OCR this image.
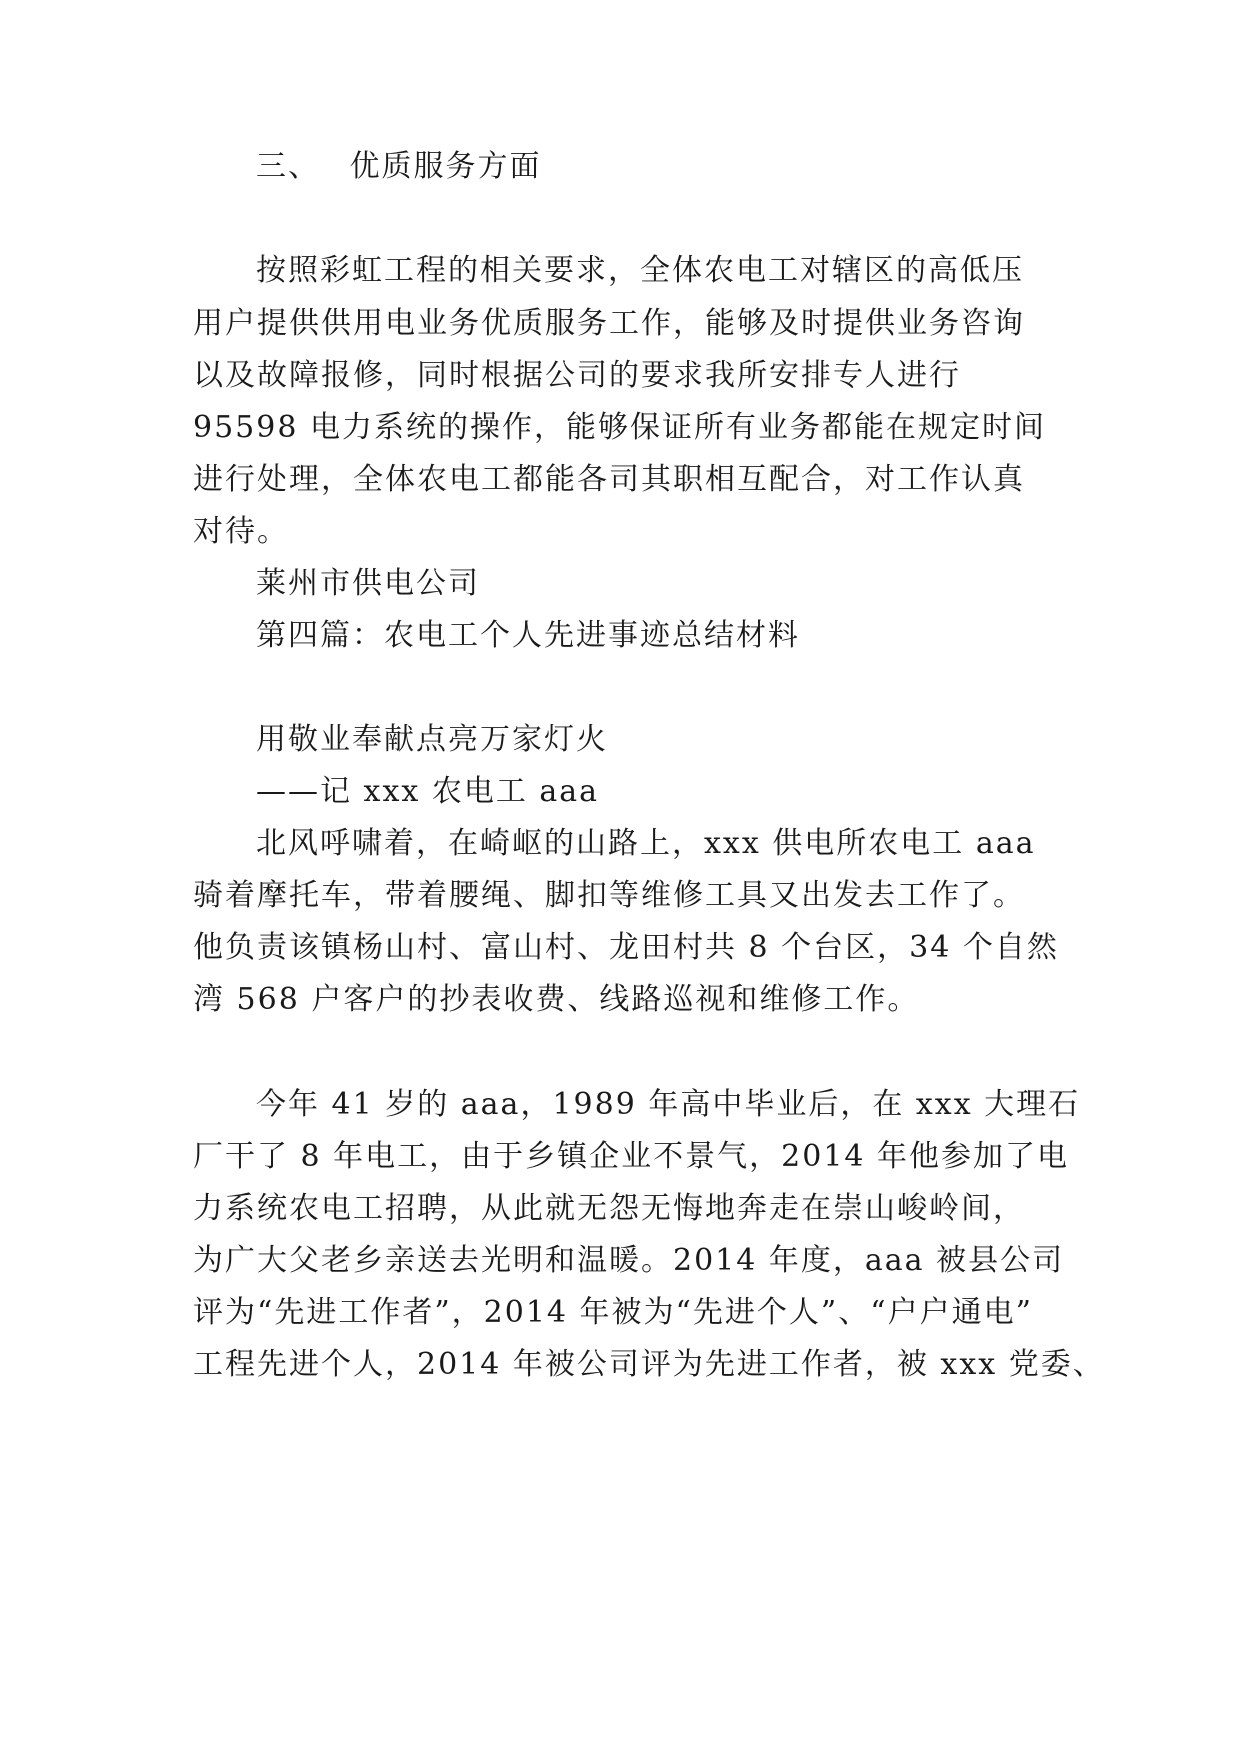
三、 优质服务方面
按照彩虹工程的相关要求，全体农电工对辖区的高低压
用户提供供用电业务优质服务工作，能够及时提供业务咨询
以及故障报修，同时根据公司的要求我所安排专人进行
95598 电力系统的操作，能够保证所有业务都能在规定时间
进行处理，全体农电工都能各司其职相互配合，对工作认真
对待。
莱州市供电公司
第四篇：农电工个人先进事迹总结材料
用敬业奉献点亮万家灯火
——记 xxx 农电工 aaa
北风呼啸着，在崎岖的山路上，xxx 供电所农电工 aaa
骑着摩托车，带着腰绳、脚扣等维修工具又出发去工作了。
他负责该镇杨山村、富山村、龙田村共 8 个台区，34 个自然
湾 568 户客户的抄表收费、线路巡视和维修工作。
今年 41 岁的 aaa，1989 年高中毕业后，在 xxx 大理石
厂干了 8 年电工，由于乡镇企业不景气，2014 年他参加了电
力系统农电工招聘，从此就无怨无悔地奔走在崇山峻岭间，
为广大父老乡亲送去光明和温暖。2014 年度，aaa 被县公司
评为“先进工作者”，2014 年被为“先进个人”、“户户通电”
工程先进个人，2014 年被公司评为先进工作者，被 xxx 党委、
